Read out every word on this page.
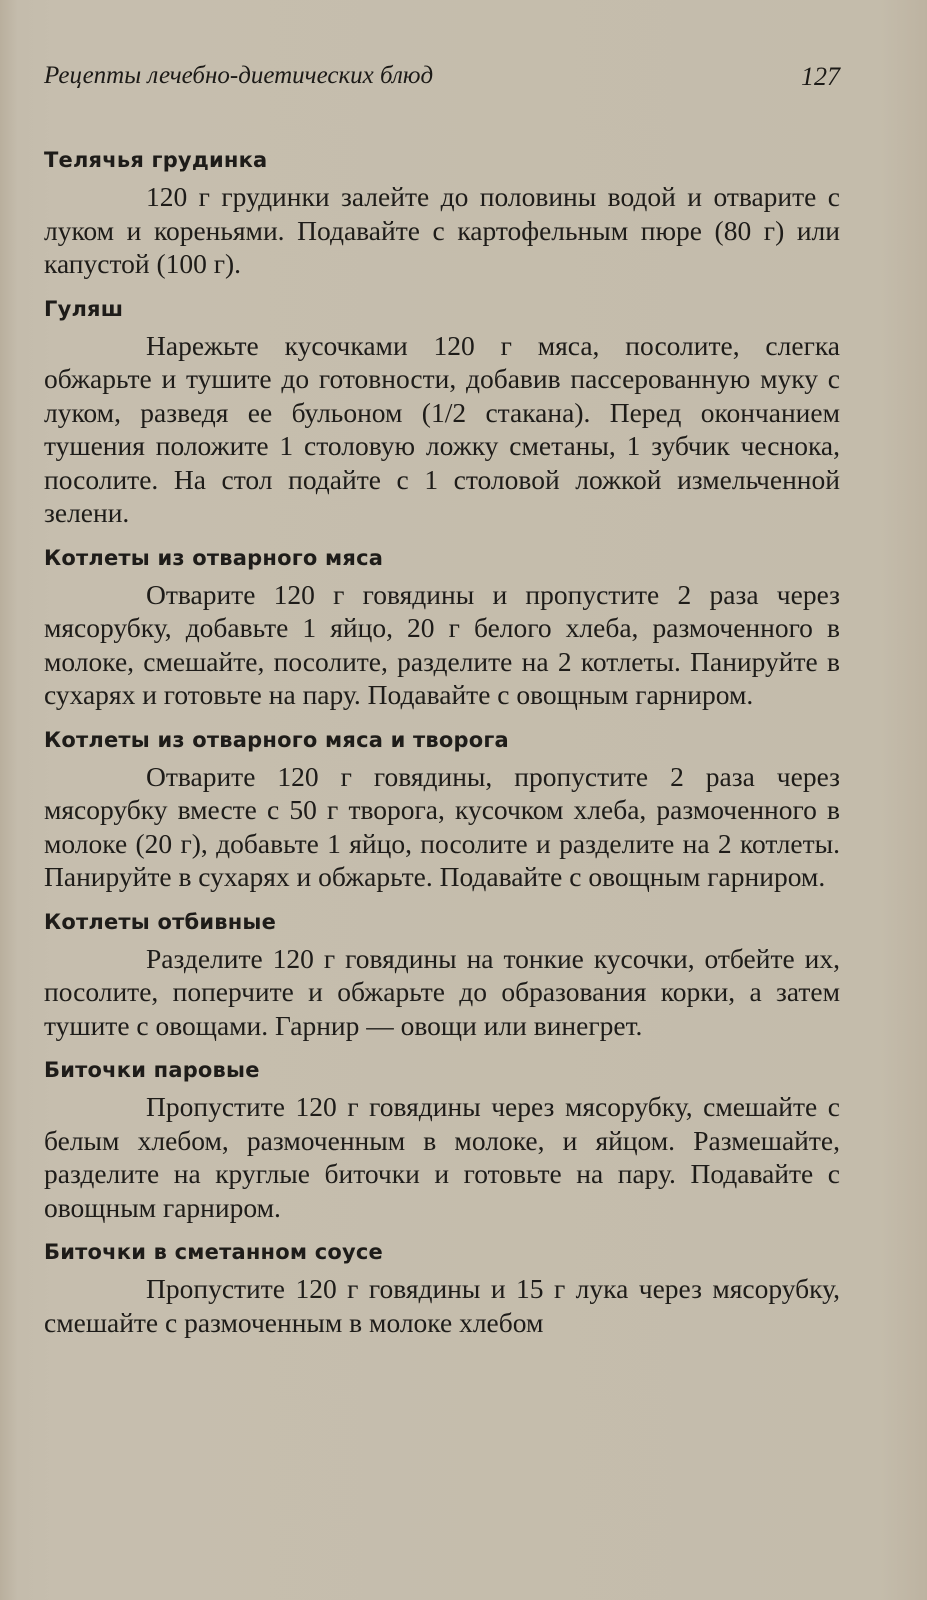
Рецепты лечебно-диетических блюд	127
Телячья грудинка

120 г грудинки залейте до половины водой и отварите с луком и кореньями. Подавайте с картофельным пюре (80 г) или капустой (100 г).

Гуляш

Нарежьте кусочками 120 г мяса, посолите, слегка обжарьте и тушите до готовности, добавив пассерованную муку с луком, разведя ее бульоном (1/2 стакана). Перед окончанием тушения положите 1 столовую ложку сметаны, 1 зубчик чеснока, посолите. На стол подайте с 1 столовой ложкой измельченной зелени.

Котлеты из отварного мяса

Отварите 120 г говядины и пропустите 2 раза через мясорубку, добавьте 1 яйцо, 20 г белого хлеба, размоченного в молоке, смешайте, посолите, разделите на 2 котлеты. Панируйте в сухарях и готовьте на пару. Подавайте с овощным гарниром.

Котлеты из отварного мяса и творога

Отварите 120 г говядины, пропустите 2 раза через мясорубку вместе с 50 г творога, кусочком хлеба, размоченного в молоке (20 г), добавьте 1 яйцо, посолите и разделите на 2 котлеты. Панируйте в сухарях и обжарьте. Подавайте с овощным гарниром.

Котлеты отбивные

Разделите 120 г говядины на тонкие кусочки, отбейте их, посолите, поперчите и обжарьте до образования корки, а затем тушите с овощами. Гарнир — овощи или винегрет.

Биточки паровые

Пропустите 120 г говядины через мясорубку, смешайте с белым хлебом, размоченным в молоке, и яйцом. Размешайте, разделите на круглые биточки и готовьте на пару. Подавайте с овощным гарниром.

Биточки в сметанном соусе

Пропустите 120 г говядины и 15 г лука через мясорубку, смешайте с размоченным в молоке хлебом
